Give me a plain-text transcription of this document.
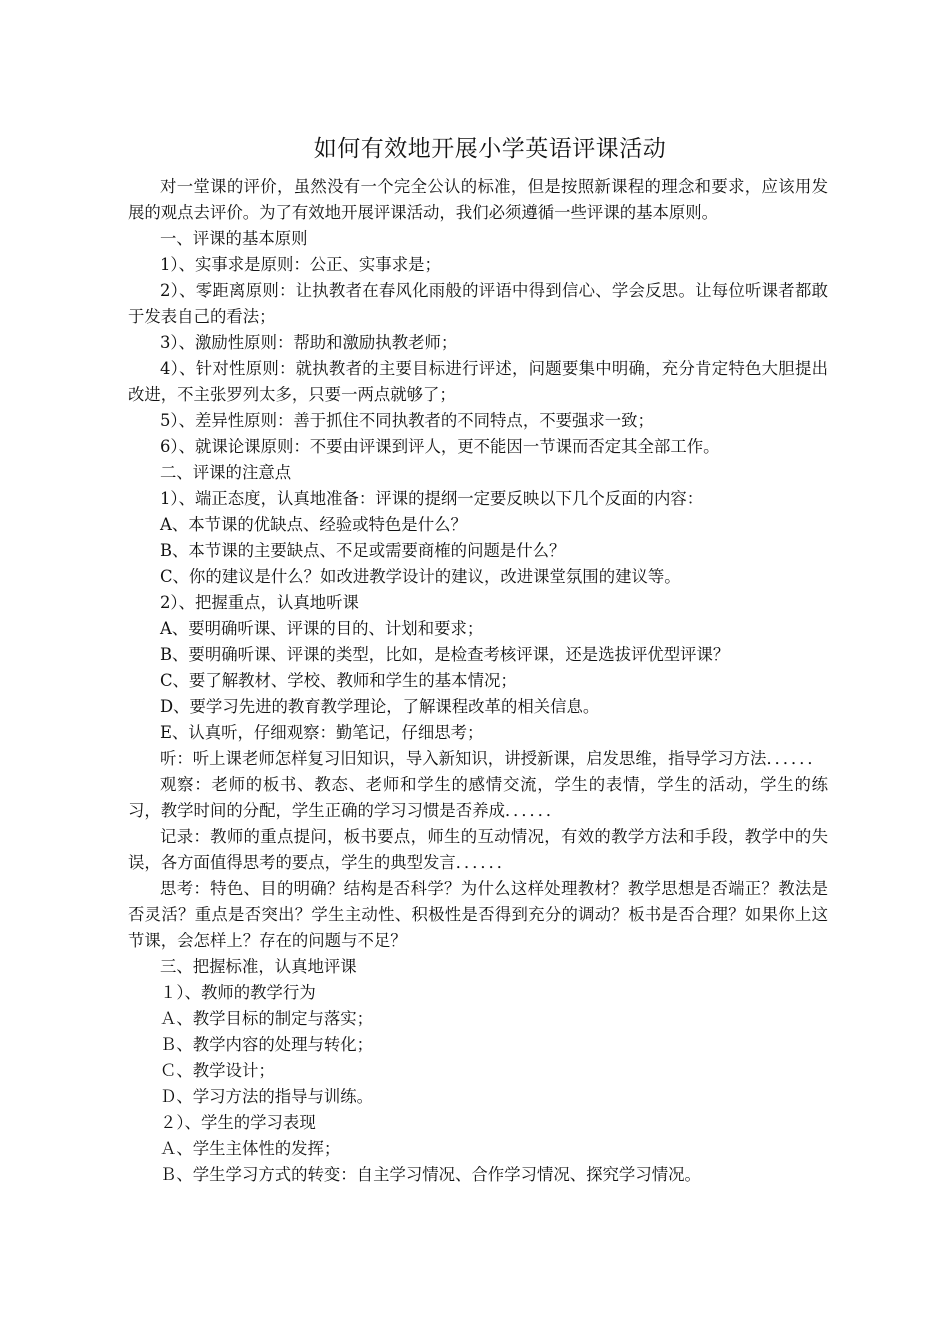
如何有效地开展小学英语评课活动

对一堂课的评价，虽然没有一个完全公认的标准，但是按照新课程的理念和要求，应该用发展的观点去评价。为了有效地开展评课活动，我们必须遵循一些评课的基本原则。

一、评课的基本原则

1）、实事求是原则：公正、实事求是；

2）、零距离原则：让执教者在春风化雨般的评语中得到信心、学会反思。让每位听课者都敢于发表自己的看法；

3）、激励性原则：帮助和激励执教老师；

4）、针对性原则：就执教者的主要目标进行评述，问题要集中明确，充分肯定特色大胆提出改进，不主张罗列太多，只要一两点就够了；

5）、差异性原则：善于抓住不同执教者的不同特点，不要强求一致；

6）、就课论课原则：不要由评课到评人，更不能因一节课而否定其全部工作。

二、评课的注意点

1）、端正态度，认真地准备：评课的提纲一定要反映以下几个反面的内容：

A、本节课的优缺点、经验或特色是什么？

B、本节课的主要缺点、不足或需要商榷的问题是什么？

C、你的建议是什么？如改进教学设计的建议，改进课堂氛围的建议等。

2）、把握重点，认真地听课

A、要明确听课、评课的目的、计划和要求；

B、要明确听课、评课的类型，比如，是检查考核评课，还是选拔评优型评课？

C、要了解教材、学校、教师和学生的基本情况；

D、要学习先进的教育教学理论，了解课程改革的相关信息。

E、认真听，仔细观察：勤笔记，仔细思考；

听：听上课老师怎样复习旧知识，导入新知识，讲授新课，启发思维，指导学习方法．．．．．．

观察：老师的板书、教态、老师和学生的感情交流，学生的表情，学生的活动，学生的练习，教学时间的分配，学生正确的学习习惯是否养成．．．．．．

记录：教师的重点提问，板书要点，师生的互动情况，有效的教学方法和手段，教学中的失误，各方面值得思考的要点，学生的典型发言．．．．．．

思考：特色、目的明确？结构是否科学？为什么这样处理教材？教学思想是否端正？教法是否灵活？重点是否突出？学生主动性、积极性是否得到充分的调动？板书是否合理？如果你上这节课，会怎样上？存在的问题与不足？

三、把握标准，认真地评课

１）、教师的教学行为

Ａ、教学目标的制定与落实；

Ｂ、教学内容的处理与转化；

Ｃ、教学设计；

Ｄ、学习方法的指导与训练。

２）、学生的学习表现

Ａ、学生主体性的发挥；

Ｂ、学生学习方式的转变：自主学习情况、合作学习情况、探究学习情况。
